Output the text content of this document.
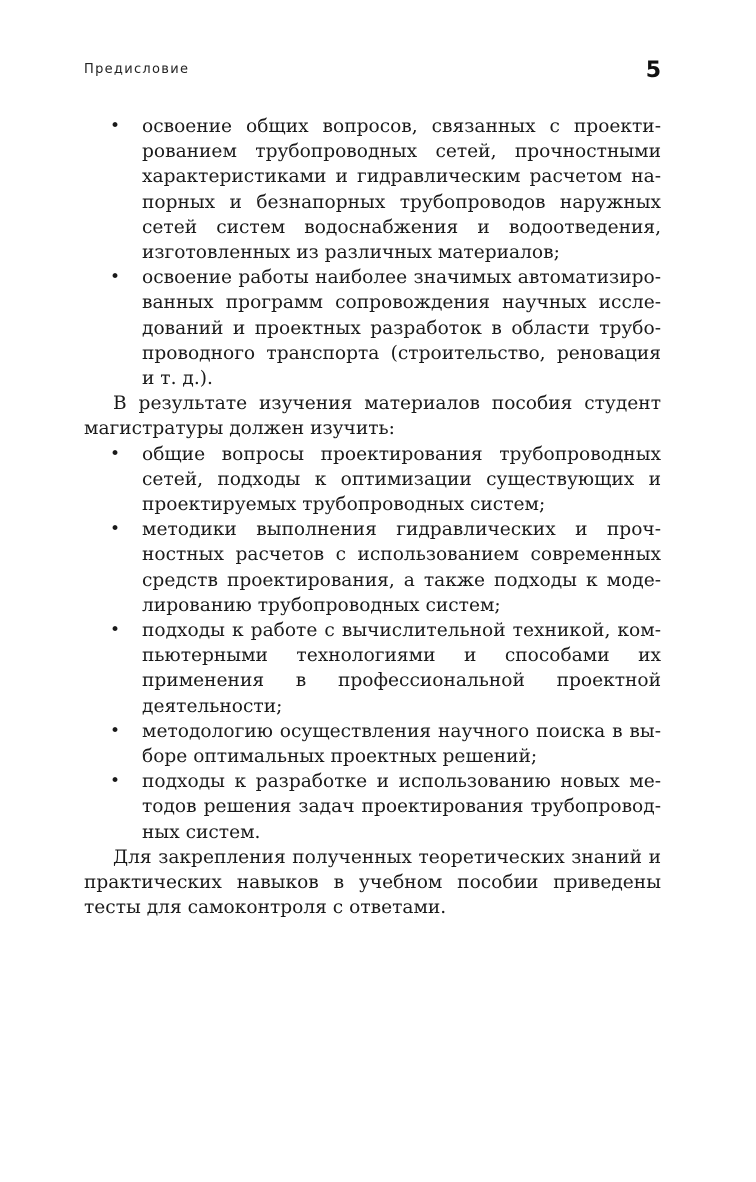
Предисловие	5
• освоение общих вопросов, связанных с проектированием трубопроводных сетей, прочностными характеристиками и гидравлическим расчетом напорных и безнапорных трубопроводов наружных сетей систем водоснабжения и водоотведения, изготовленных из различных материалов;
• освоение работы наиболее значимых автоматизированных программ сопровождения научных исследований и проектных разработок в области трубопроводного транспорта (строительство, реновация и т. д.).

В результате изучения материалов пособия студент магистратуры должен изучить:

• общие вопросы проектирования трубопроводных сетей, подходы к оптимизации существующих и проектируемых трубопроводных систем;
• методики выполнения гидравлических и прочностных расчетов с использованием современных средств проектирования, а также подходы к моделированию трубопроводных систем;
• подходы к работе с вычислительной техникой, компьютерными технологиями и способами их применения в профессиональной проектной деятельности;
• методологию осуществления научного поиска в выборе оптимальных проектных решений;
• подходы к разработке и использованию новых методов решения задач проектирования трубопроводных систем.

Для закрепления полученных теоретических знаний и практических навыков в учебном пособии приведены тесты для самоконтроля с ответами.
